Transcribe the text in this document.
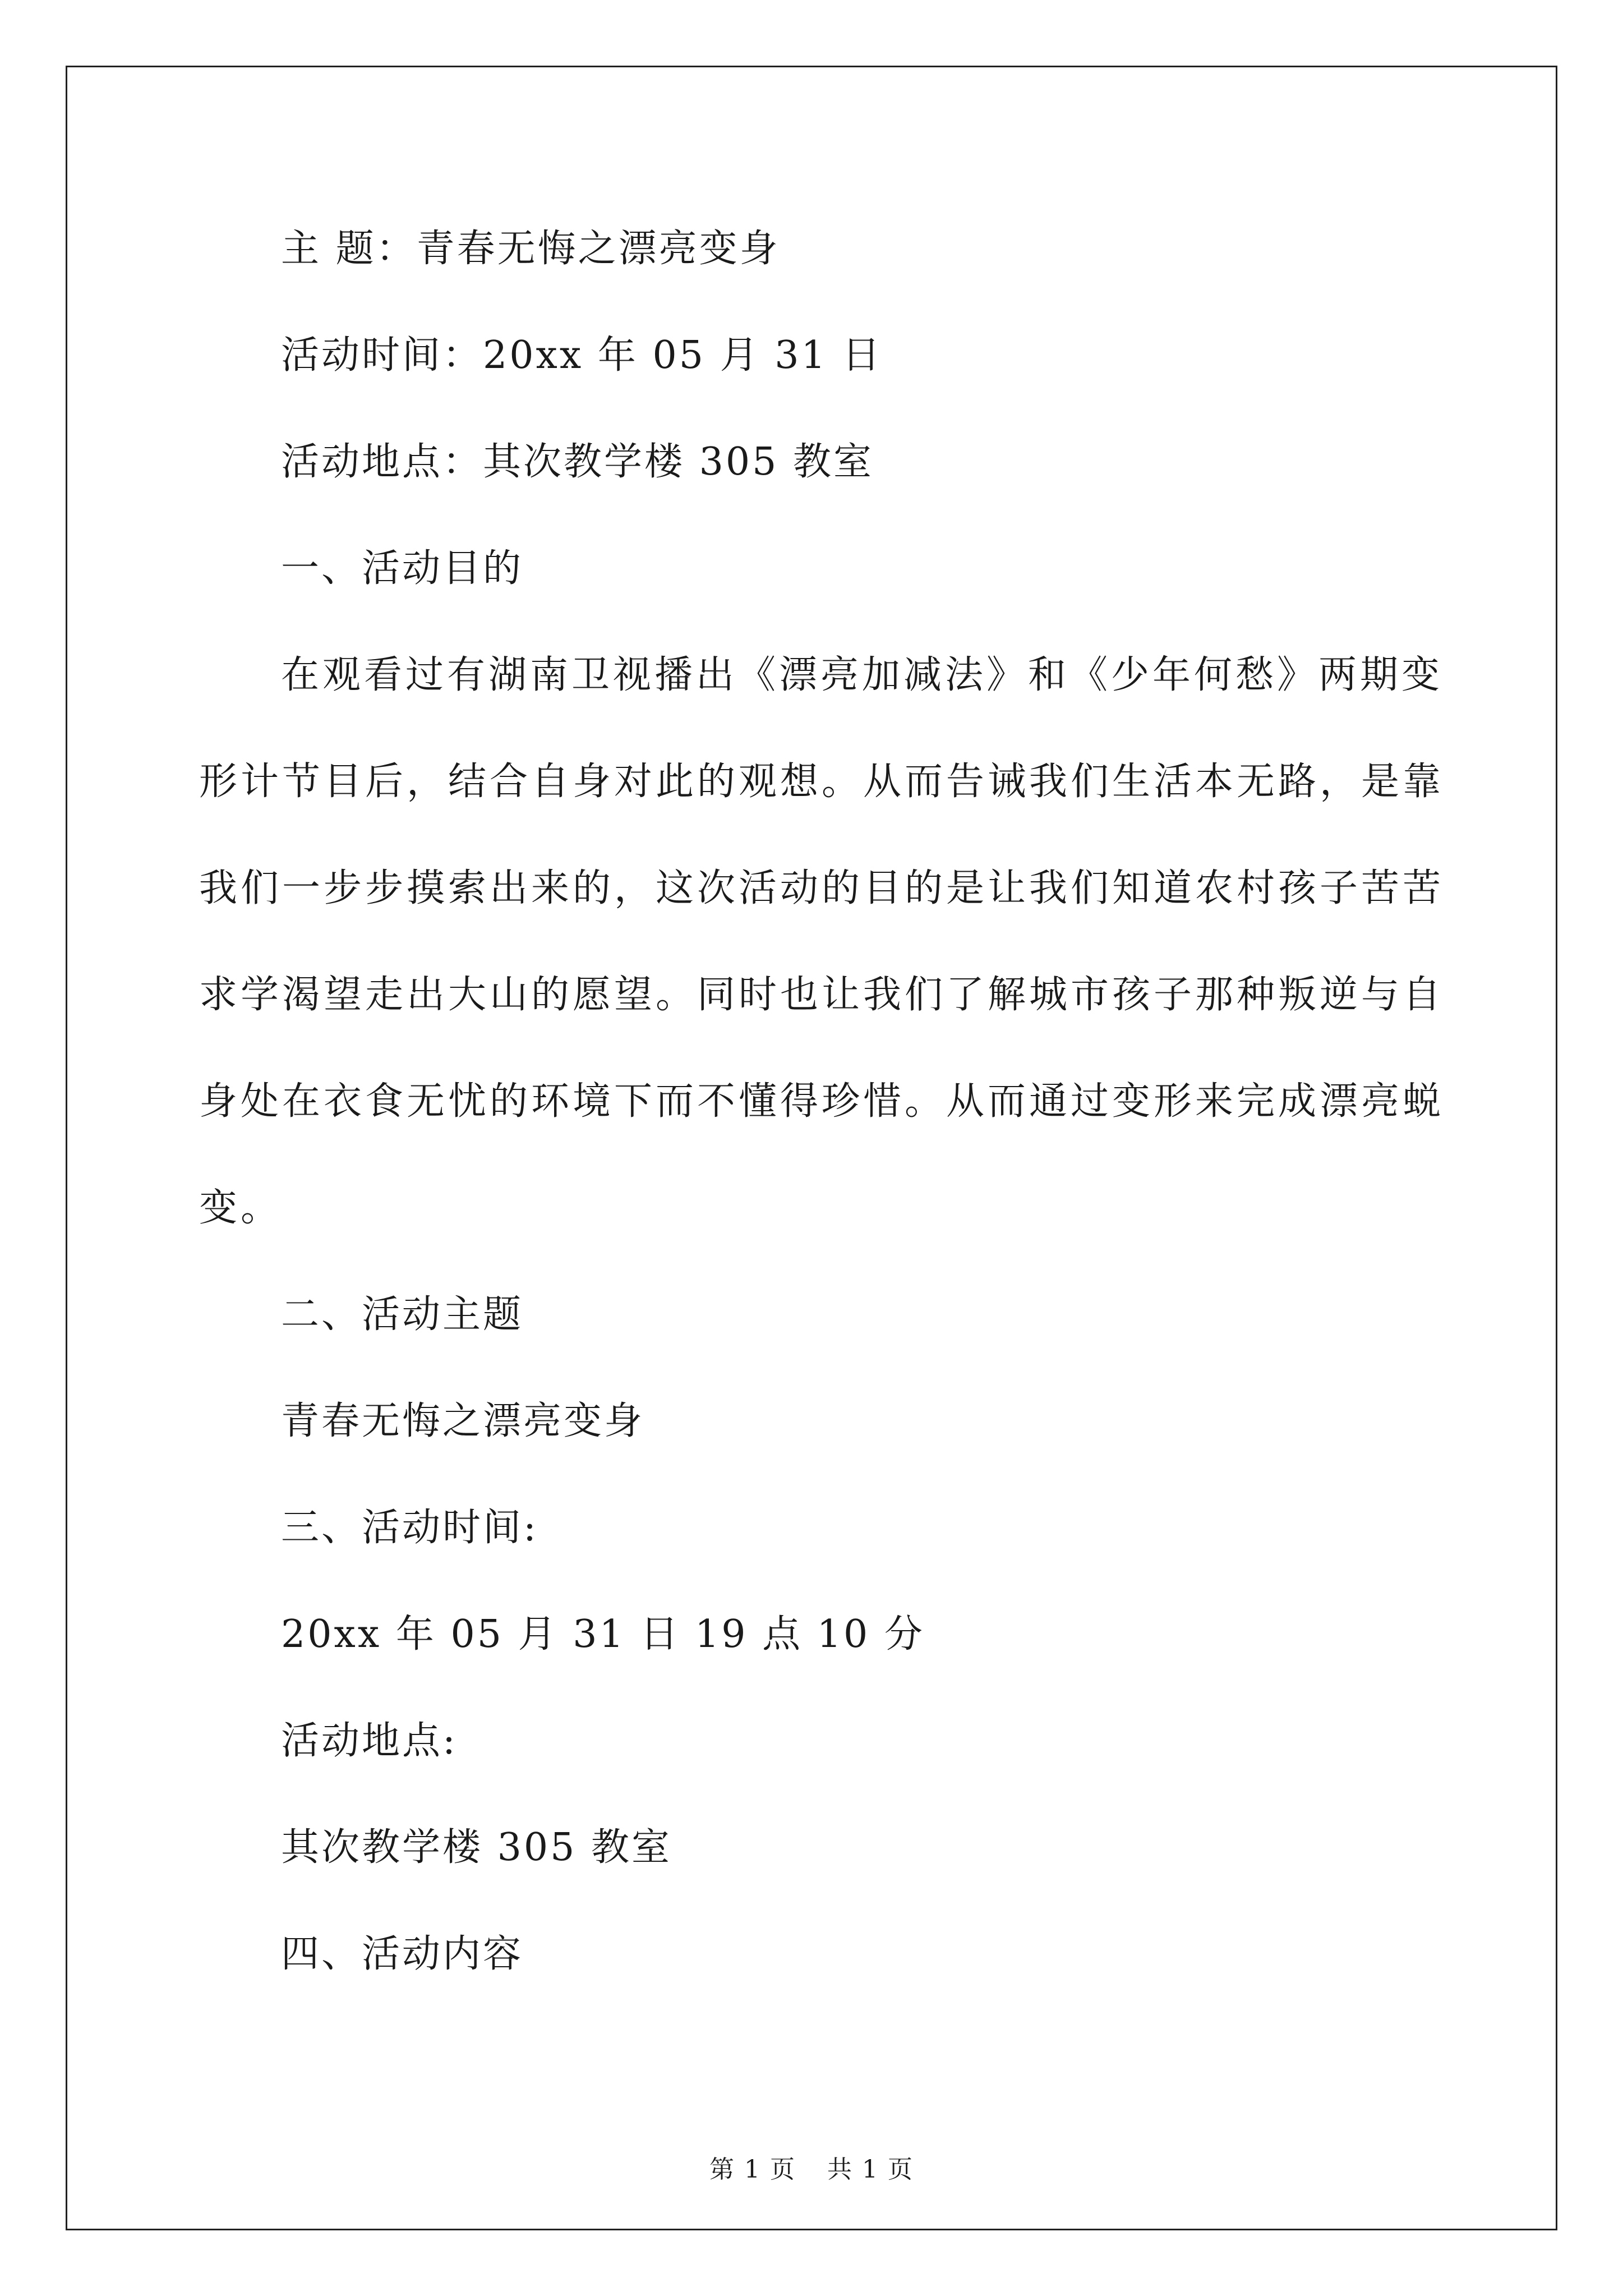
主 题：青春无悔之漂亮变身
活动时间：20xx 年 05 月 31 日
活动地点：其次教学楼 305 教室
一、活动目的
在观看过有湖南卫视播出《漂亮加减法》和《少年何愁》两期变
形计节目后，结合自身对此的观想。从而告诫我们生活本无路，是靠
我们一步步摸索出来的，这次活动的目的是让我们知道农村孩子苦苦
求学渴望走出大山的愿望。同时也让我们了解城市孩子那种叛逆与自
身处在衣食无忧的环境下而不懂得珍惜。从而通过变形来完成漂亮蜕
变。
二、活动主题
青春无悔之漂亮变身
三、活动时间:
20xx 年 05 月 31 日 19 点 10 分
活动地点:
其次教学楼 305 教室
四、活动内容
第 1 页 共 1 页
